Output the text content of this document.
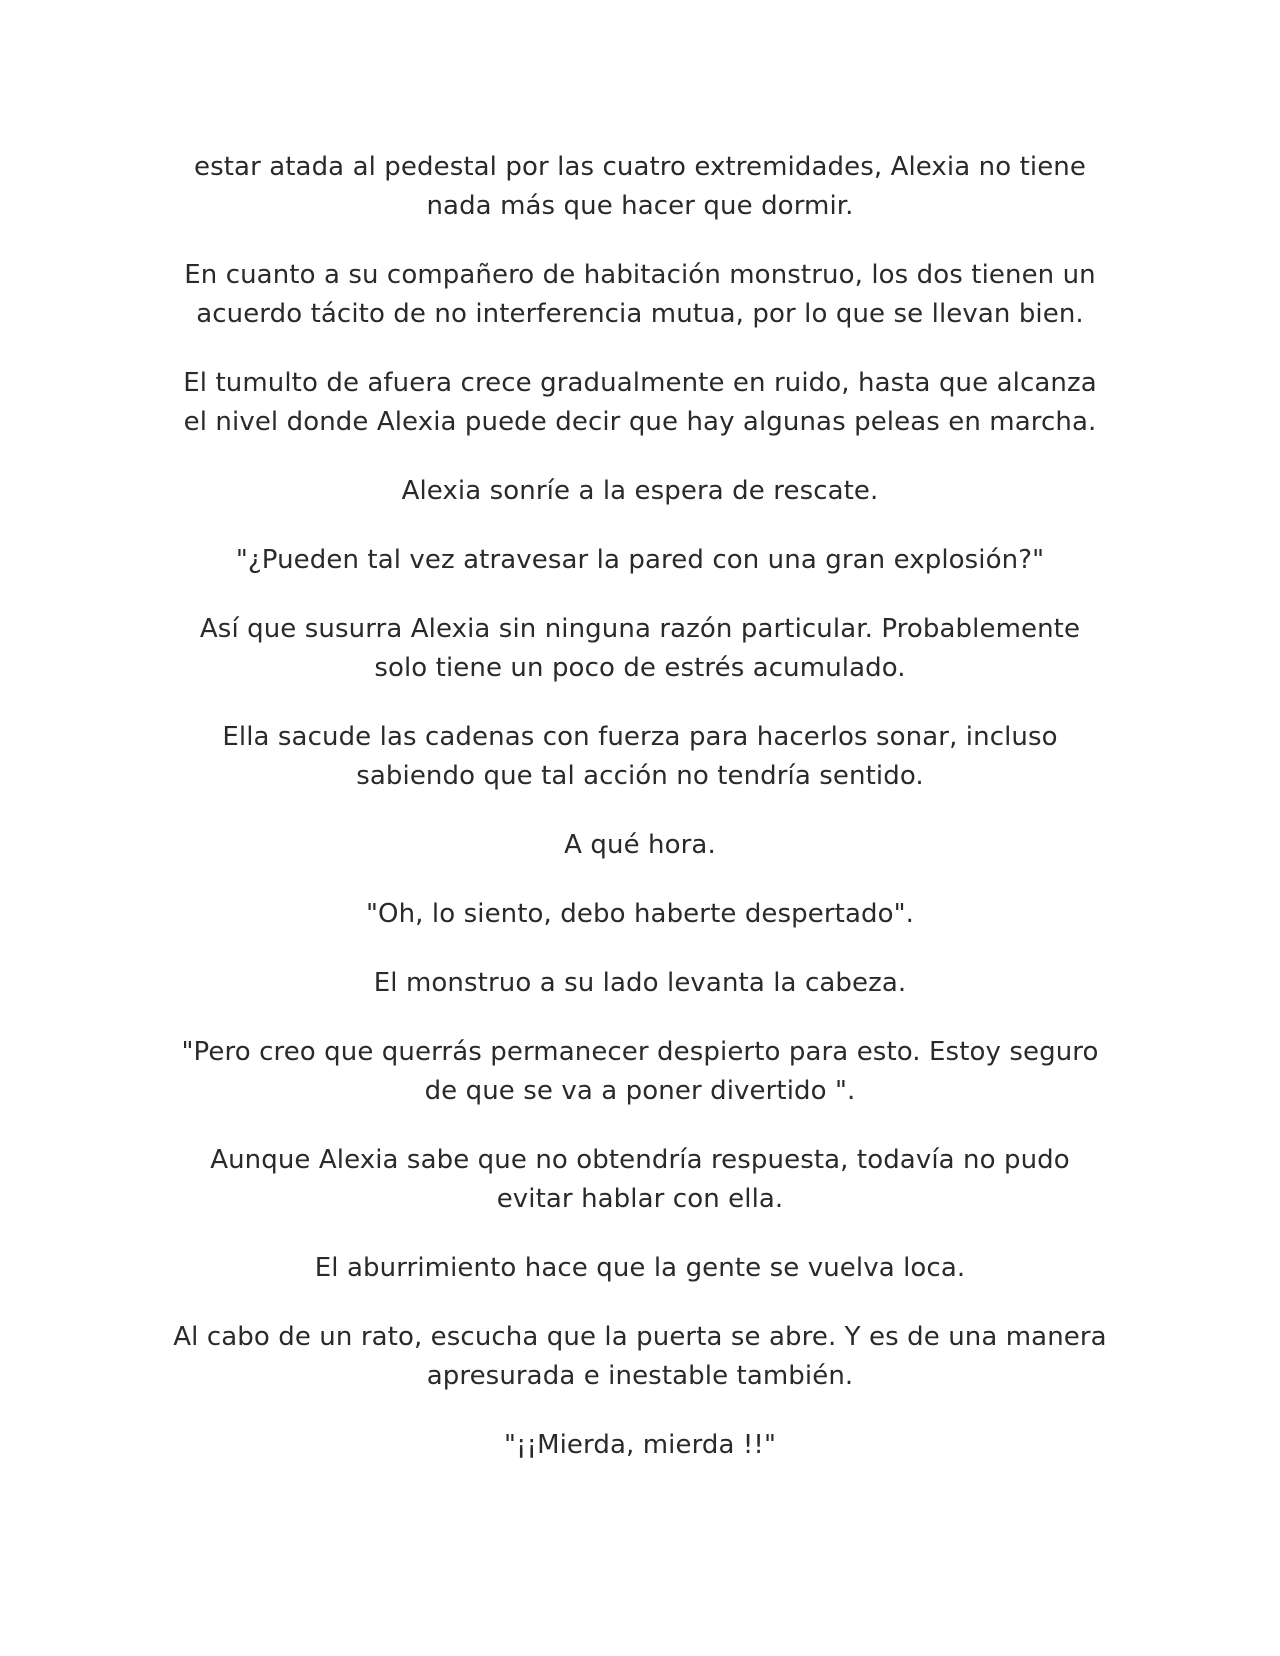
estar atada al pedestal por las cuatro extremidades, Alexia no tiene nada más que hacer que dormir.

En cuanto a su compañero de habitación monstruo, los dos tienen un acuerdo tácito de no interferencia mutua, por lo que se llevan bien.

El tumulto de afuera crece gradualmente en ruido, hasta que alcanza el nivel donde Alexia puede decir que hay algunas peleas en marcha.

Alexia sonríe a la espera de rescate.

"¿Pueden tal vez atravesar la pared con una gran explosión?"

Así que susurra Alexia sin ninguna razón particular. Probablemente solo tiene un poco de estrés acumulado.

Ella sacude las cadenas con fuerza para hacerlos sonar, incluso sabiendo que tal acción no tendría sentido.

A qué hora.

"Oh, lo siento, debo haberte despertado".

El monstruo a su lado levanta la cabeza.

"Pero creo que querrás permanecer despierto para esto. Estoy seguro de que se va a poner divertido ".

Aunque Alexia sabe que no obtendría respuesta, todavía no pudo evitar hablar con ella.

El aburrimiento hace que la gente se vuelva loca.

Al cabo de un rato, escucha que la puerta se abre. Y es de una manera apresurada e inestable también.

"¡¡Mierda, mierda !!"
